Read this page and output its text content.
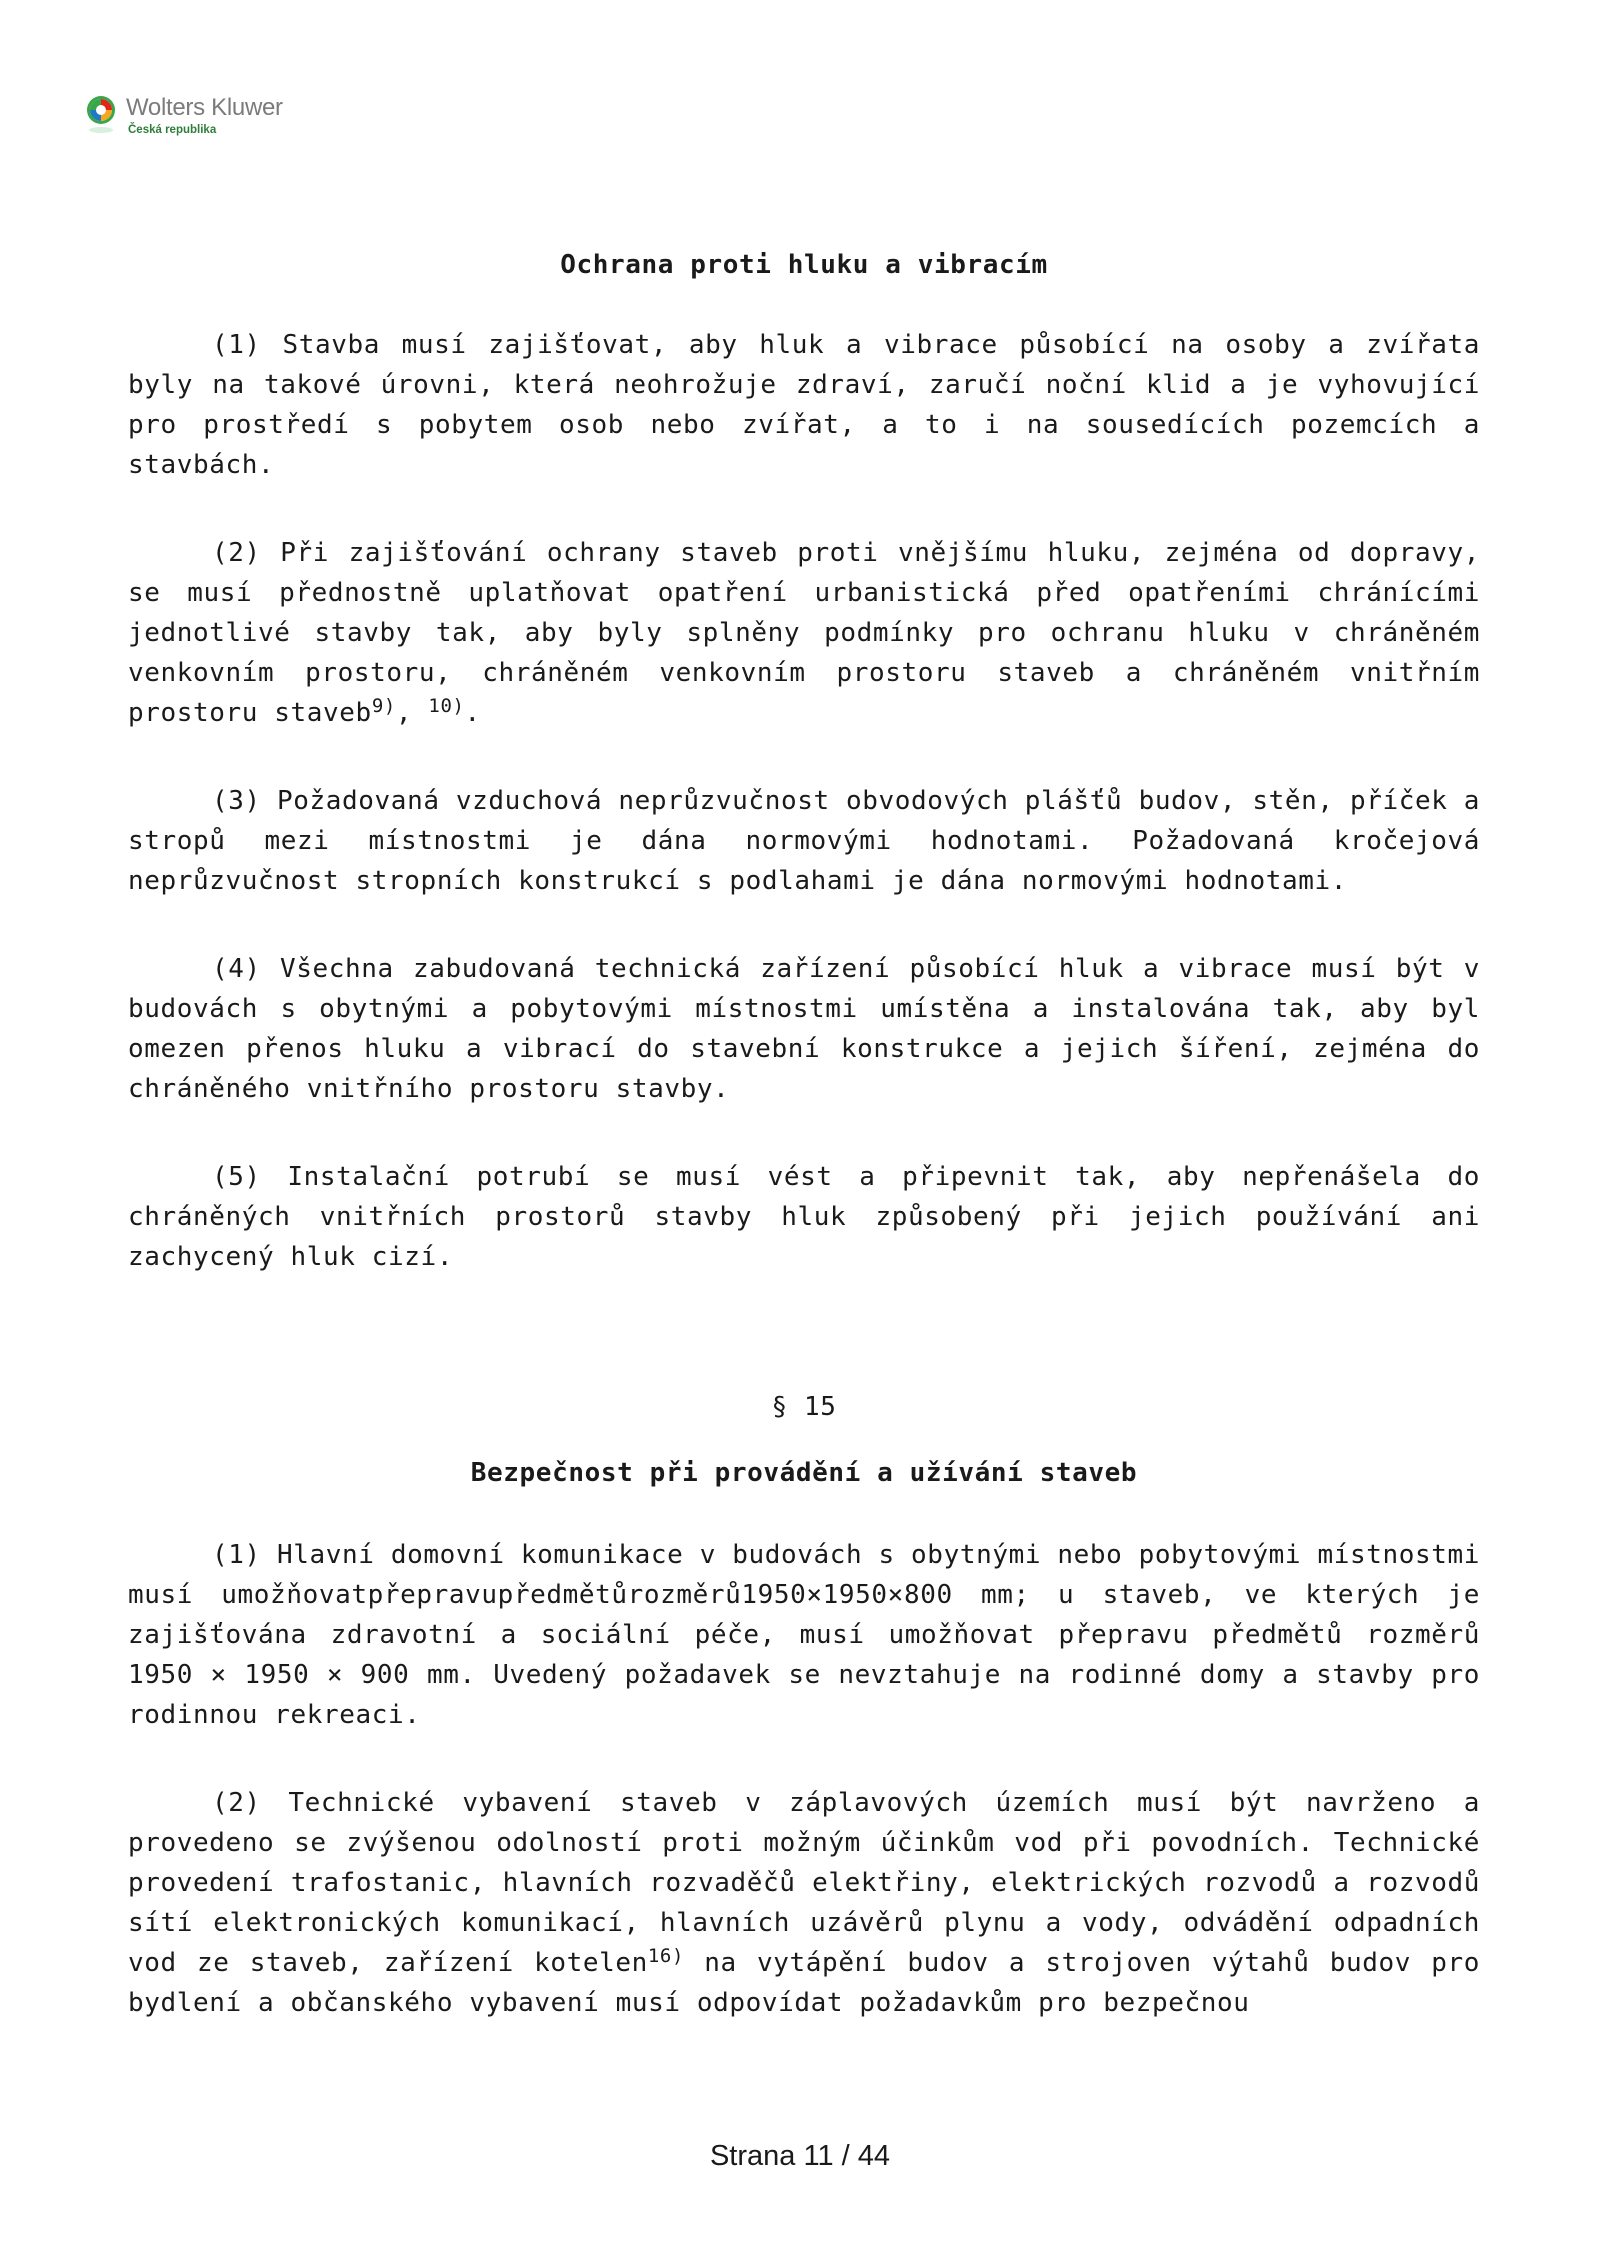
Wolters Kluwer
Česká republika

Ochrana proti hluku a vibracím

(1) Stavba musí zajišťovat, aby hluk a vibrace působící na osoby a zvířata byly na takové úrovni, která neohrožuje zdraví, zaručí noční klid a je vyhovující pro prostředí s pobytem osob nebo zvířat, a to i na sousedících pozemcích a stavbách.

(2) Při zajišťování ochrany staveb proti vnějšímu hluku, zejména od dopravy, se musí přednostně uplatňovat opatření urbanistická před opatřeními chránícími jednotlivé stavby tak, aby byly splněny podmínky pro ochranu hluku v chráněném venkovním prostoru, chráněném venkovním prostoru staveb a chráněném vnitřním prostoru staveb$^{9)}$, $^{10)}$.

(3) Požadovaná vzduchová neprůzvučnost obvodových plášťů budov, stěn, příček a stropů mezi místnostmi je dána normovými hodnotami. Požadovaná kročejová neprůzvučnost stropních konstrukcí s podlahami je dána normovými hodnotami.

(4) Všechna zabudovaná technická zařízení působící hluk a vibrace musí být v budovách s obytnými a pobytovými místnostmi umístěna a instalována tak, aby byl omezen přenos hluku a vibrací do stavební konstrukce a jejich šíření, zejména do chráněného vnitřního prostoru stavby.

(5) Instalační potrubí se musí vést a připevnit tak, aby nepřenášela do chráněných vnitřních prostorů stavby hluk způsobený při jejich používání ani zachycený hluk cizí.

§ 15

Bezpečnost při provádění a užívání staveb

(1) Hlavní domovní komunikace v budovách s obytnými nebo pobytovými místnostmi musí umožňovatpřepravupředmětůrozměrů1950×1950×800 mm; u staveb, ve kterých je zajišťována zdravotní a sociální péče, musí umožňovat přepravu předmětů rozměrů 1950 × 1950 × 900 mm. Uvedený požadavek se nevztahuje na rodinné domy a stavby pro rodinnou rekreaci.

(2) Technické vybavení staveb v záplavových územích musí být navrženo a provedeno se zvýšenou odolností proti možným účinkům vod při povodních. Technické provedení trafostanic, hlavních rozvaděčů elektřiny, elektrických rozvodů a rozvodů sítí elektronických komunikací, hlavních uzávěrů plynu a vody, odvádění odpadních vod ze staveb, zařízení kotelen$^{16)}$ na vytápění budov a strojoven výtahů budov pro bydlení a občanského vybavení musí odpovídat požadavkům pro bezpečnou

Strana 11 / 44
